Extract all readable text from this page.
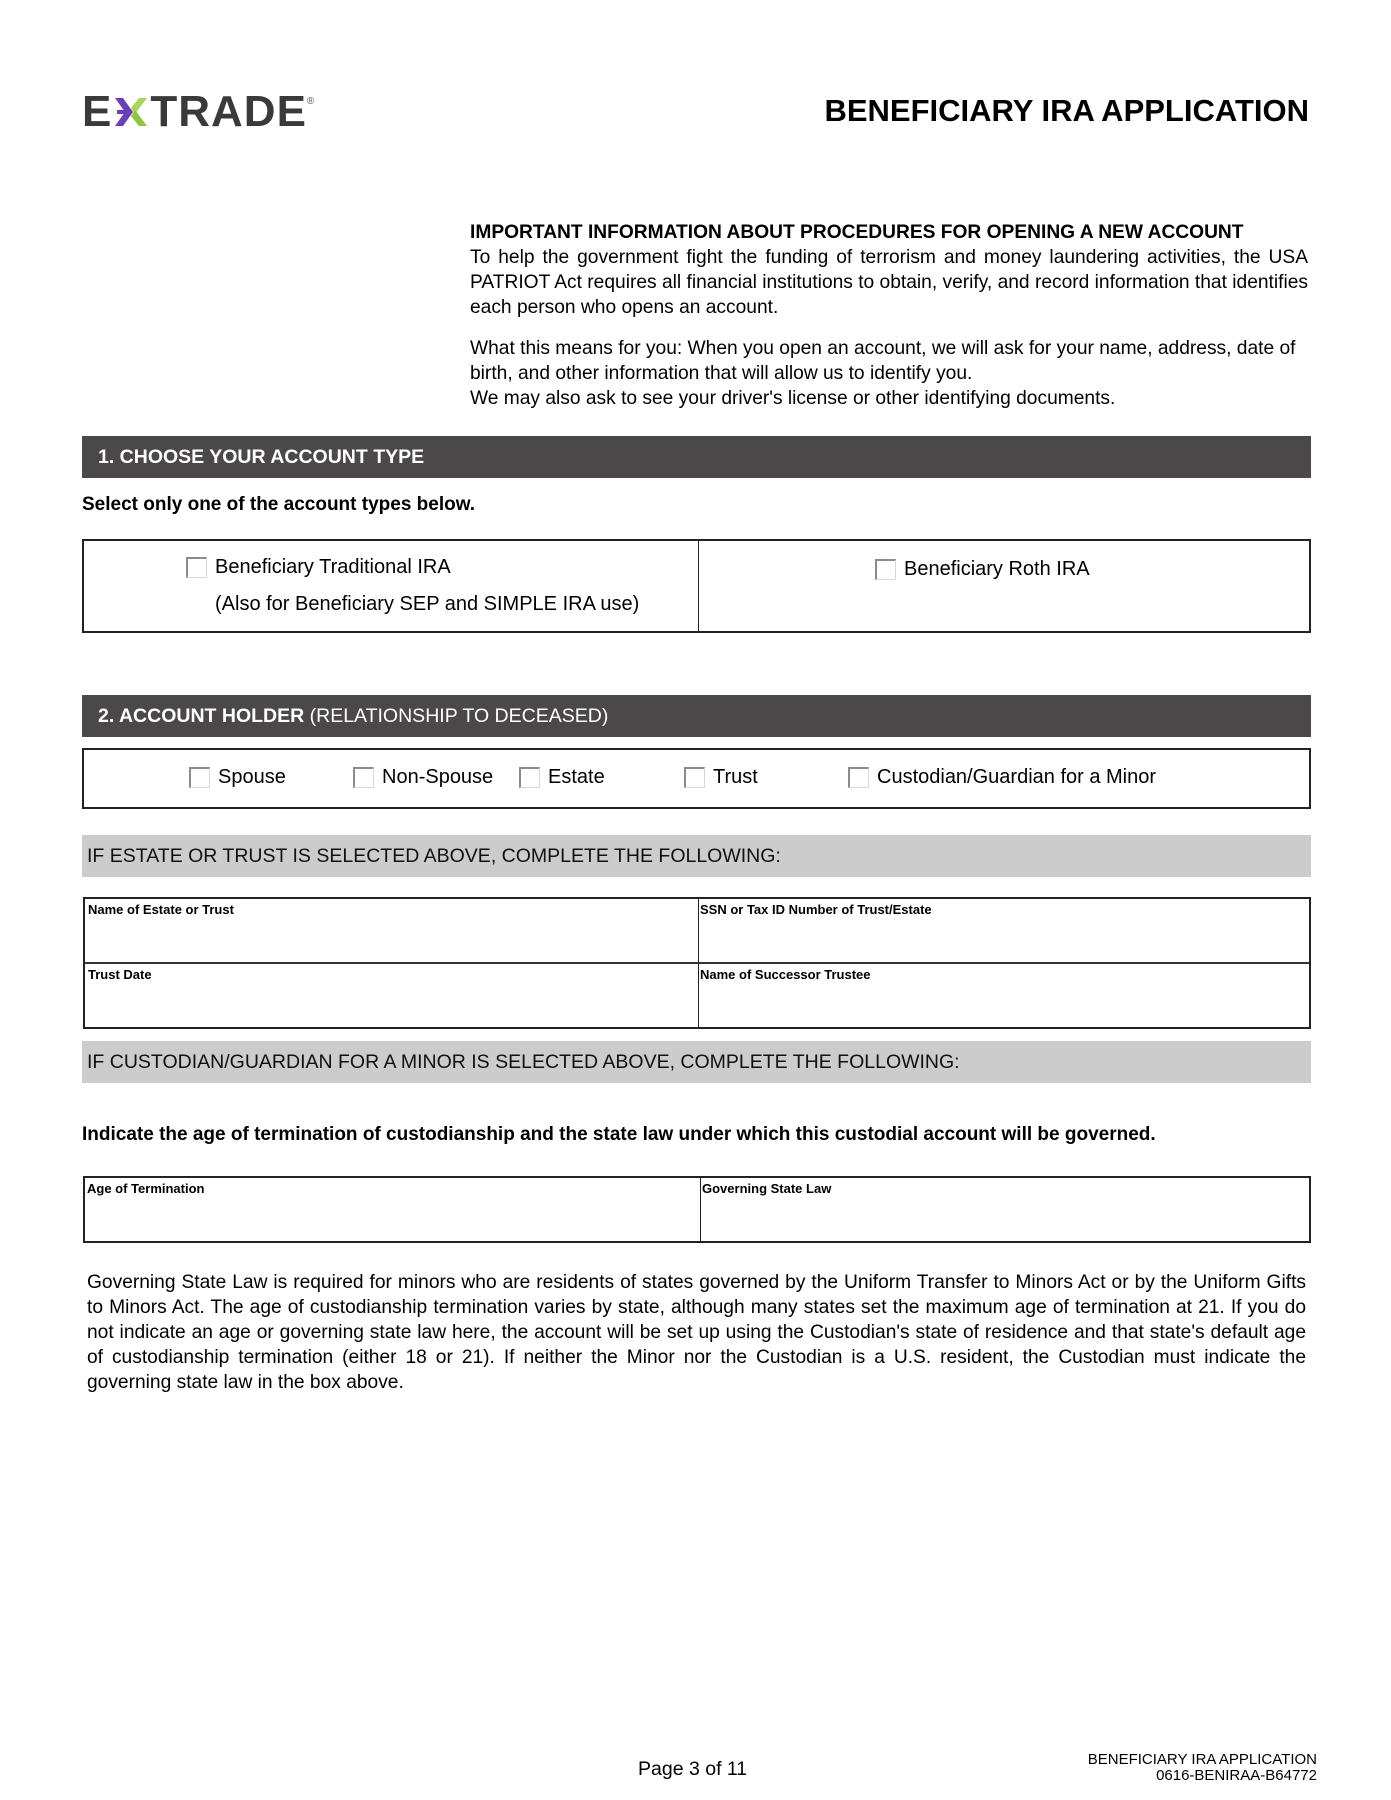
E TRADE ®	BENEFICIARY IRA APPLICATION
IMPORTANT INFORMATION ABOUT PROCEDURES FOR OPENING A NEW ACCOUNT

To help the government fight the funding of terrorism and money laundering activities, the USA PATRIOT Act requires all financial institutions to obtain, verify, and record information that identifies each person who opens an account.

What this means for you: When you open an account, we will ask for your name, address, date of birth, and other information that will allow us to identify you.

We may also ask to see your driver's license or other identifying documents.
1. CHOOSE YOUR ACCOUNT TYPE
Select only one of the account types below.
Beneficiary Traditional IRA
(Also for Beneficiary SEP and SIMPLE IRA use)
Beneficiary Roth IRA
2. ACCOUNT HOLDER (RELATIONSHIP TO DECEASED)
Spouse	Non-Spouse	Estate	Trust	Custodian/Guardian for a Minor
IF ESTATE OR TRUST IS SELECTED ABOVE, COMPLETE THE FOLLOWING:
Name of Estate or Trust	SSN or Tax ID Number of Trust/Estate
Trust Date	Name of Successor Trustee
IF CUSTODIAN/GUARDIAN FOR A MINOR IS SELECTED ABOVE, COMPLETE THE FOLLOWING:
Indicate the age of termination of custodianship and the state law under which this custodial account will be governed.
Age of Termination	Governing State Law
Governing State Law is required for minors who are residents of states governed by the Uniform Transfer to Minors Act or by the Uniform Gifts to Minors Act. The age of custodianship termination varies by state, although many states set the maximum age of termination at 21. If you do not indicate an age or governing state law here, the account will be set up using the Custodian's state of residence and that state's default age of custodianship termination (either 18 or 21). If neither the Minor nor the Custodian is a U.S. resident, the Custodian must indicate the governing state law in the box above.
Page 3 of 11	BENEFICIARY IRA APPLICATION
0616-BENIRAA-B64772
